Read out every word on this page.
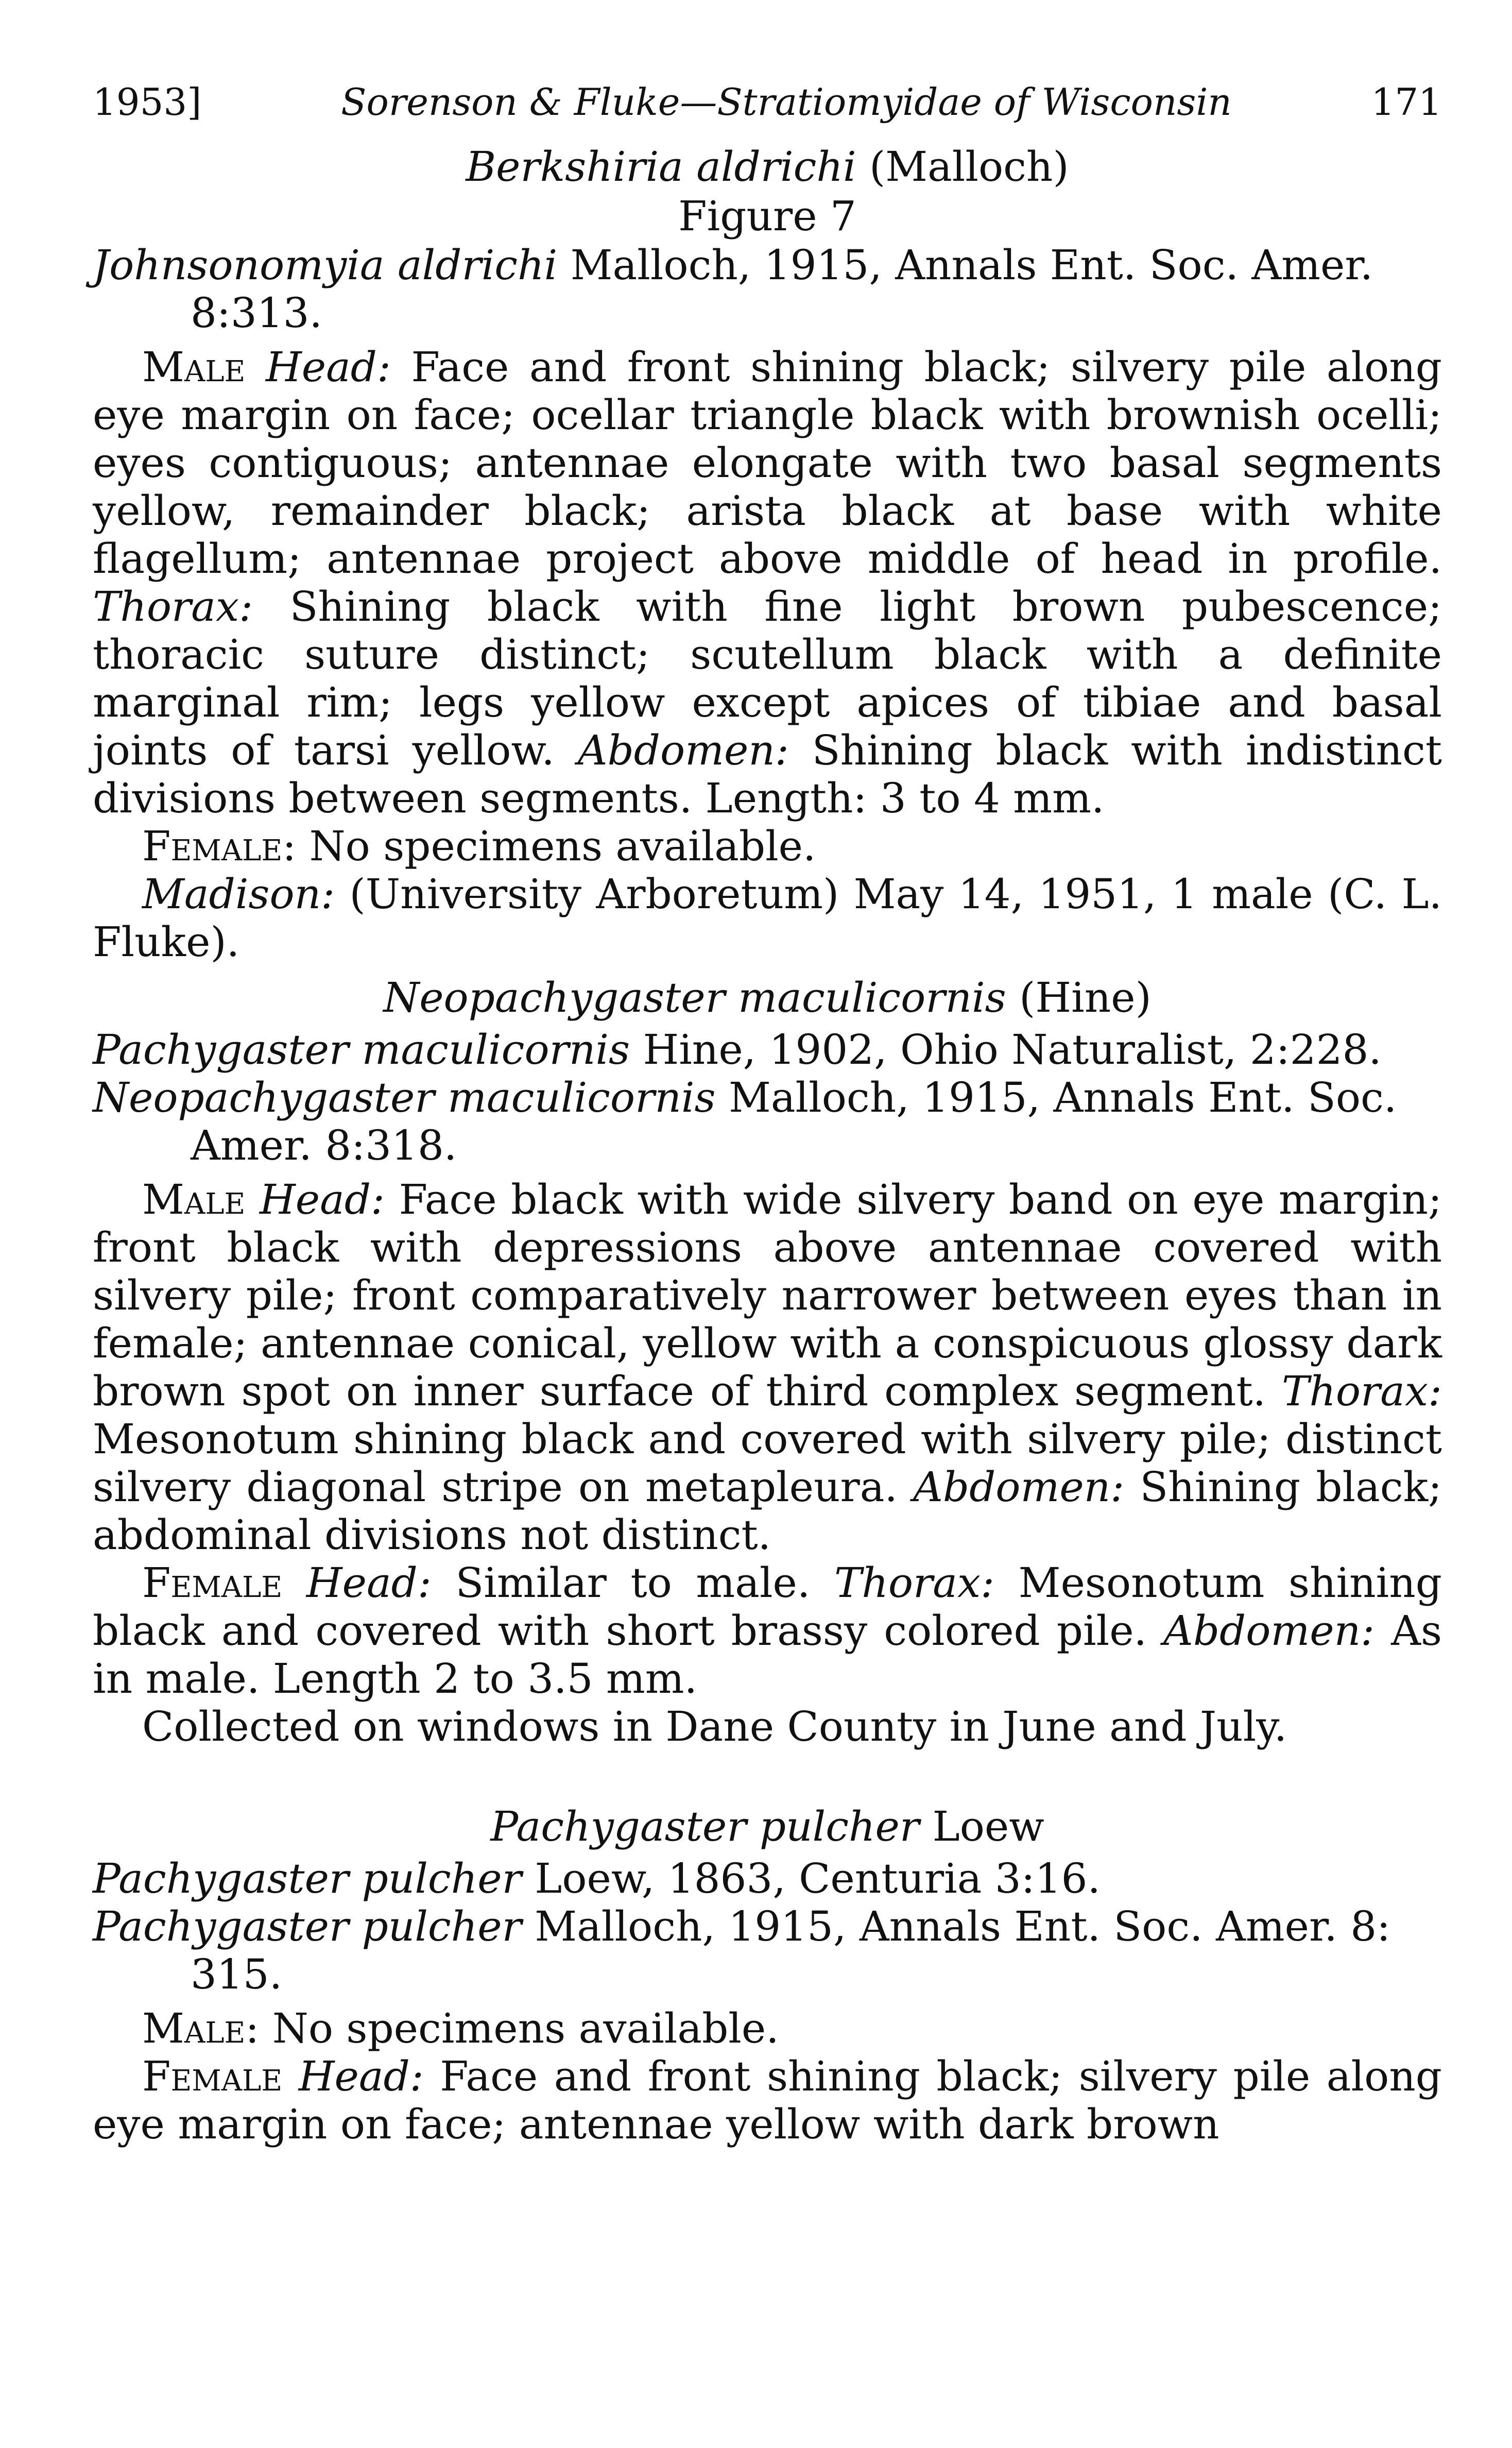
1953]	Sorenson & Fluke—Stratiomyidae of Wisconsin	171

Berkshiria aldrichi (Malloch)

Figure 7

Johnsonomyia aldrichi Malloch, 1915, Annals Ent. Soc. Amer. 8:313.

Male Head: Face and front shining black; silvery pile along eye margin on face; ocellar triangle black with brownish ocelli; eyes contiguous; antennae elongate with two basal segments yellow, remainder black; arista black at base with white flagellum; antennae project above middle of head in profile. Thorax: Shining black with fine light brown pubescence; thoracic suture distinct; scutellum black with a definite marginal rim; legs yellow except apices of tibiae and basal joints of tarsi yellow. Abdomen: Shining black with indistinct divisions between segments. Length: 3 to 4 mm.

Female: No specimens available.

Madison: (University Arboretum) May 14, 1951, 1 male (C. L. Fluke).

Neopachygaster maculicornis (Hine)

Pachygaster maculicornis Hine, 1902, Ohio Naturalist, 2:228.

Neopachygaster maculicornis Malloch, 1915, Annals Ent. Soc. Amer. 8:318.

Male Head: Face black with wide silvery band on eye margin; front black with depressions above antennae covered with silvery pile; front comparatively narrower between eyes than in female; antennae conical, yellow with a conspicuous glossy dark brown spot on inner surface of third complex segment. Thorax: Mesonotum shining black and covered with silvery pile; distinct silvery diagonal stripe on metapleura. Abdomen: Shining black; abdominal divisions not distinct.

Female Head: Similar to male. Thorax: Mesonotum shining black and covered with short brassy colored pile. Abdomen: As in male. Length 2 to 3.5 mm.

Collected on windows in Dane County in June and July.

Pachygaster pulcher Loew

Pachygaster pulcher Loew, 1863, Centuria 3:16.

Pachygaster pulcher Malloch, 1915, Annals Ent. Soc. Amer. 8: 315.

Male: No specimens available.

Female Head: Face and front shining black; silvery pile along eye margin on face; antennae yellow with dark brown
